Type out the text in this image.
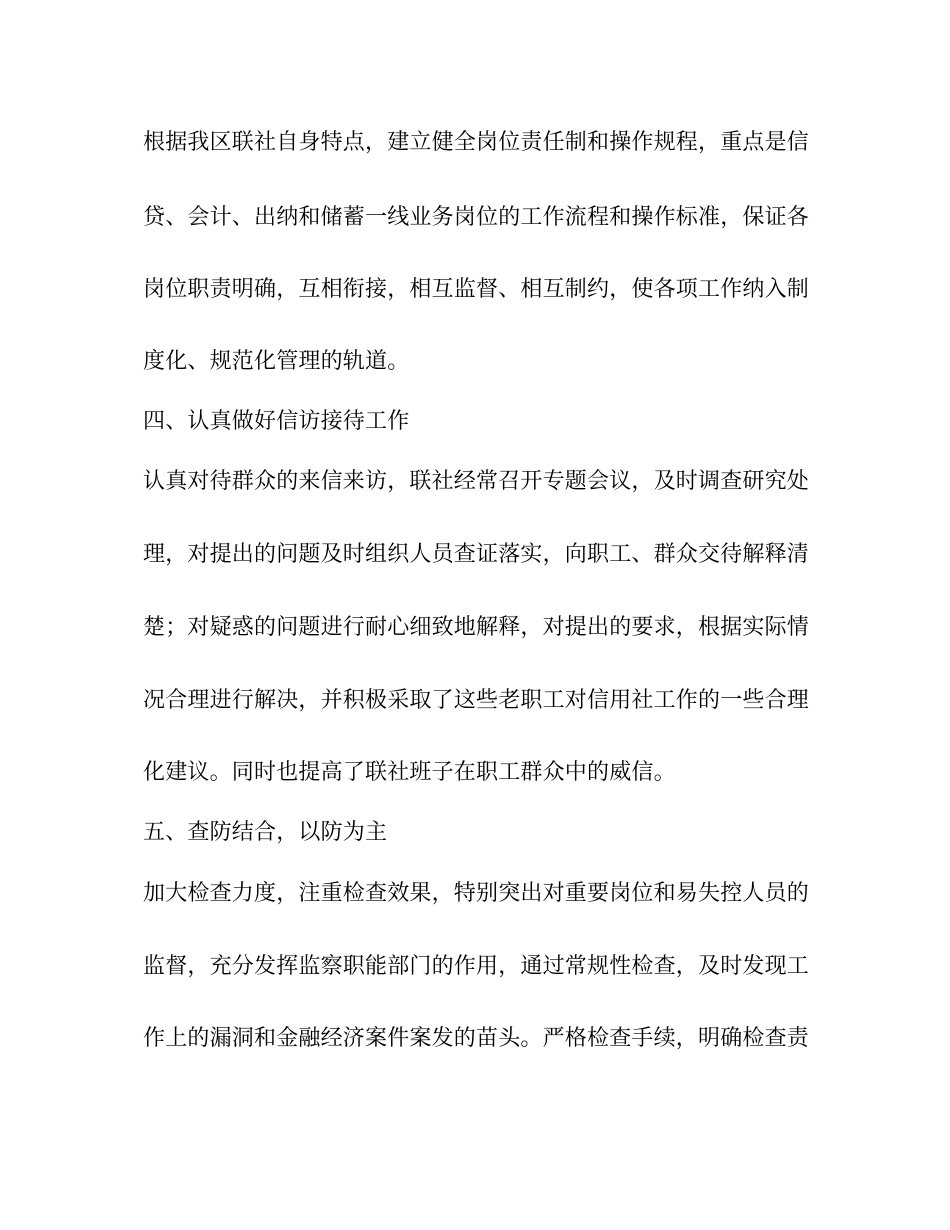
根据我区联社自身特点，建立健全岗位责任制和操作规程，重点是信
贷、会计、出纳和储蓄一线业务岗位的工作流程和操作标准，保证各
岗位职责明确，互相衔接，相互监督、相互制约，使各项工作纳入制
度化、规范化管理的轨道。
四、认真做好信访接待工作
认真对待群众的来信来访，联社经常召开专题会议，及时调查研究处
理，对提出的问题及时组织人员查证落实，向职工、群众交待解释清
楚；对疑惑的问题进行耐心细致地解释，对提出的要求，根据实际情
况合理进行解决，并积极采取了这些老职工对信用社工作的一些合理
化建议。同时也提高了联社班子在职工群众中的威信。
五、查防结合，以防为主
加大检查力度，注重检查效果，特别突出对重要岗位和易失控人员的
监督，充分发挥监察职能部门的作用，通过常规性检查，及时发现工
作上的漏洞和金融经济案件案发的苗头。严格检查手续，明确检查责
